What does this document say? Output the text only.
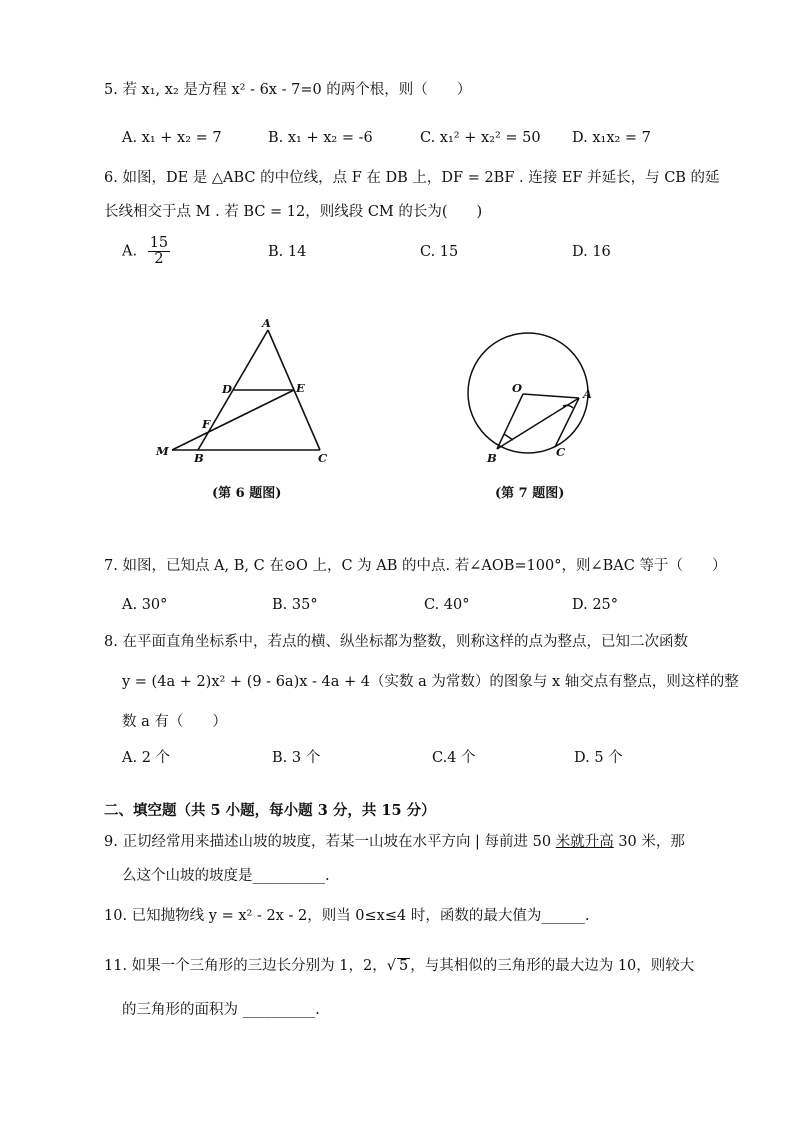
5. 若 x₁, x₂ 是方程 x² - 6x - 7=0 的两个根，则（　　）
A. x₁ + x₂ = 7	B. x₁ + x₂ = -6	C. x₁² + x₂² = 50 D. x₁x₂ = 7
6. 如图，DE 是 △ABC 的中位线，点 F 在 DB 上，DF = 2BF . 连接 EF 并延长，与 CB 的延
长线相交于点 M . 若 BC = 12，则线段 CM 的长为(　　)
A. $\frac{15}{2}$	B. 14	C. 15	D. 16
A
D	E
F
M B	C
(第 6 题图)
O	A
B	C
(第 7 题图)
7. 如图，已知点 A, B, C 在⊙O 上，C 为 AB 的中点. 若∠AOB=100°，则∠BAC 等于（　　）
A. 30°	B. 35°	C. 40°	D. 25°
8. 在平面直角坐标系中，若点的横、纵坐标都为整数，则称这样的点为整点，已知二次函数
y = (4a + 2)x² + (9 - 6a)x - 4a + 4（实数 a 为常数）的图象与 x 轴交点有整点，则这样的整
数 a 有（　　）
A. 2 个	B. 3 个	C.4 个	D. 5 个
二、填空题（共 5 小题，每小题 3 分，共 15 分）
9. 正切经常用来描述山坡的坡度，若某一山坡在水平方向 | 每前进 50 米就升高 30 米，那
么这个山坡的坡度是__________.
10. 已知抛物线 y = x² - 2x - 2，则当 0≤x≤4 时，函数的最大值为______.
11. 如果一个三角形的三边长分别为 1，2，√ 5 ，与其相似的三角形的最大边为 10，则较大
的三角形的面积为 __________.
